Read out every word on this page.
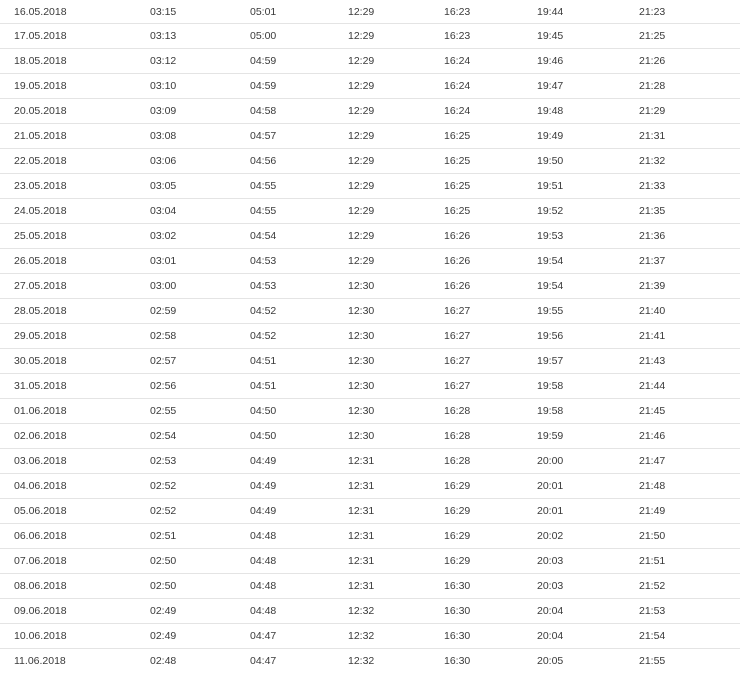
16.05.2018	03:15	05:01	12:29	16:23	19:44	21:23
17.05.2018	03:13	05:00	12:29	16:23	19:45	21:25
18.05.2018	03:12	04:59	12:29	16:24	19:46	21:26
19.05.2018	03:10	04:59	12:29	16:24	19:47	21:28
20.05.2018	03:09	04:58	12:29	16:24	19:48	21:29
21.05.2018	03:08	04:57	12:29	16:25	19:49	21:31
22.05.2018	03:06	04:56	12:29	16:25	19:50	21:32
23.05.2018	03:05	04:55	12:29	16:25	19:51	21:33
24.05.2018	03:04	04:55	12:29	16:25	19:52	21:35
25.05.2018	03:02	04:54	12:29	16:26	19:53	21:36
26.05.2018	03:01	04:53	12:29	16:26	19:54	21:37
27.05.2018	03:00	04:53	12:30	16:26	19:54	21:39
28.05.2018	02:59	04:52	12:30	16:27	19:55	21:40
29.05.2018	02:58	04:52	12:30	16:27	19:56	21:41
30.05.2018	02:57	04:51	12:30	16:27	19:57	21:43
31.05.2018	02:56	04:51	12:30	16:27	19:58	21:44
01.06.2018	02:55	04:50	12:30	16:28	19:58	21:45
02.06.2018	02:54	04:50	12:30	16:28	19:59	21:46
03.06.2018	02:53	04:49	12:31	16:28	20:00	21:47
04.06.2018	02:52	04:49	12:31	16:29	20:01	21:48
05.06.2018	02:52	04:49	12:31	16:29	20:01	21:49
06.06.2018	02:51	04:48	12:31	16:29	20:02	21:50
07.06.2018	02:50	04:48	12:31	16:29	20:03	21:51
08.06.2018	02:50	04:48	12:31	16:30	20:03	21:52
09.06.2018	02:49	04:48	12:32	16:30	20:04	21:53
10.06.2018	02:49	04:47	12:32	16:30	20:04	21:54
11.06.2018	02:48	04:47	12:32	16:30	20:05	21:55
